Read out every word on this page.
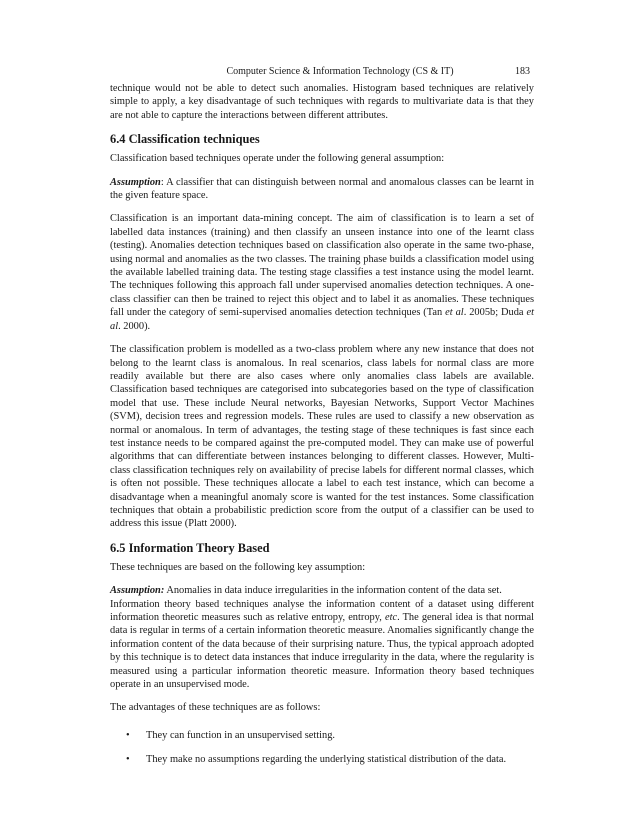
Computer Science & Information Technology (CS & IT)	183

technique would not be able to detect such anomalies. Histogram based techniques are relatively simple to apply, a key disadvantage of such techniques with regards to multivariate data is that they are not able to capture the interactions between different attributes.

6.4 Classification techniques

Classification based techniques operate under the following general assumption:

Assumption: A classifier that can distinguish between normal and anomalous classes can be learnt in the given feature space.

Classification is an important data-mining concept. The aim of classification is to learn a set of labelled data instances (training) and then classify an unseen instance into one of the learnt class (testing). Anomalies detection techniques based on classification also operate in the same two-phase, using normal and anomalies as the two classes. The training phase builds a classification model using the available labelled training data. The testing stage classifies a test instance using the model learnt. The techniques following this approach fall under supervised anomalies detection techniques. A one-class classifier can then be trained to reject this object and to label it as anomalies. These techniques fall under the category of semi-supervised anomalies detection techniques (Tan et al. 2005b; Duda et al. 2000).

The classification problem is modelled as a two-class problem where any new instance that does not belong to the learnt class is anomalous. In real scenarios, class labels for normal class are more readily available but there are also cases where only anomalies class labels are available. Classification based techniques are categorised into subcategories based on the type of classification model that use. These include Neural networks, Bayesian Networks, Support Vector Machines (SVM), decision trees and regression models. These rules are used to classify a new observation as normal or anomalous. In term of advantages, the testing stage of these techniques is fast since each test instance needs to be compared against the pre-computed model. They can make use of powerful algorithms that can differentiate between instances belonging to different classes. However, Multi-class classification techniques rely on availability of precise labels for different normal classes, which is often not possible. These techniques allocate a label to each test instance, which can become a disadvantage when a meaningful anomaly score is wanted for the test instances. Some classification techniques that obtain a probabilistic prediction score from the output of a classifier can be used to address this issue (Platt 2000).

6.5 Information Theory Based

These techniques are based on the following key assumption:

Assumption: Anomalies in data induce irregularities in the information content of the data set.

Information theory based techniques analyse the information content of a dataset using different information theoretic measures such as relative entropy, entropy, etc. The general idea is that normal data is regular in terms of a certain information theoretic measure. Anomalies significantly change the information content of the data because of their surprising nature. Thus, the typical approach adopted by this technique is to detect data instances that induce irregularity in the data, where the regularity is measured using a particular information theoretic measure. Information theory based techniques operate in an unsupervised mode.

The advantages of these techniques are as follows:

• They can function in an unsupervised setting.
• They make no assumptions regarding the underlying statistical distribution of the data.
